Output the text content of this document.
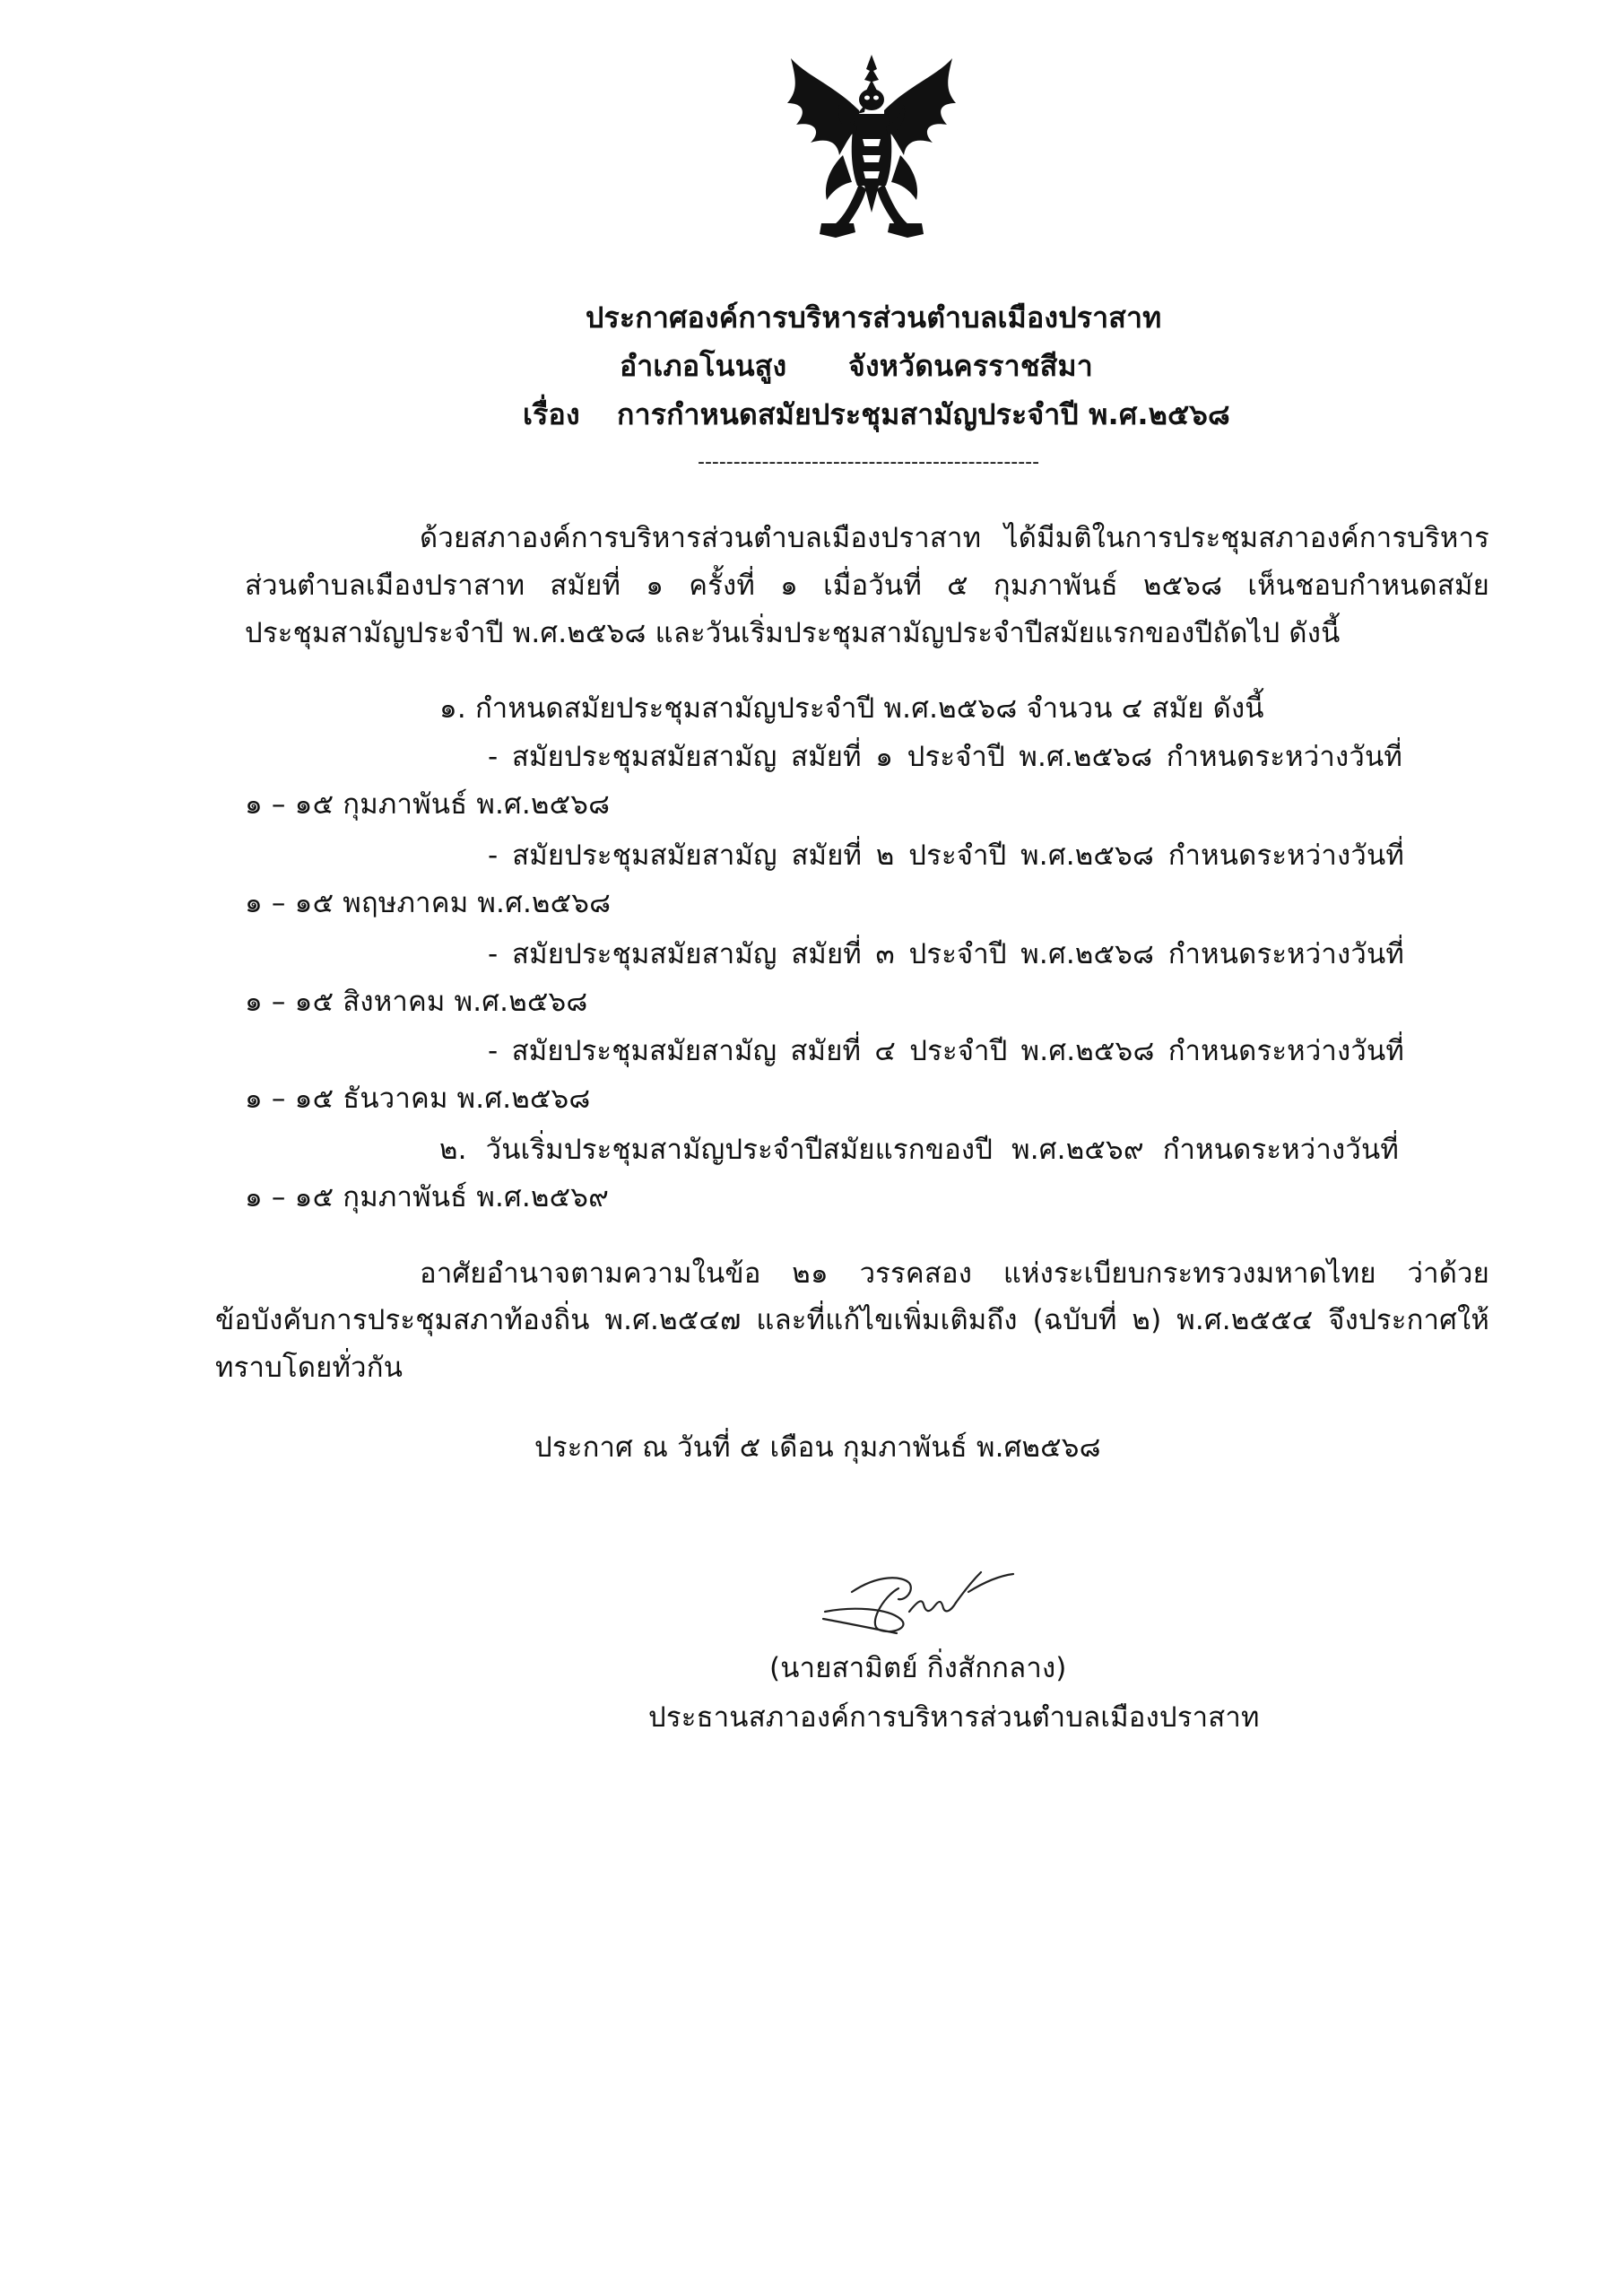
ประกาศองค์การบริหารส่วนตำบลเมืองปราสาท
อำเภอโนนสูง จังหวัดนครราชสีมา
เรื่อง การกำหนดสมัยประชุมสามัญประจำปี พ.ศ.๒๕๖๘
------------------------------------------------
ด้วยสภาองค์การบริหารส่วนตำบลเมืองปราสาท ได้มีมติในการประชุมสภาองค์การบริหาร
ส่วนตำบลเมืองปราสาท สมัยที่ ๑ ครั้งที่ ๑ เมื่อวันที่ ๕ กุมภาพันธ์ ๒๕๖๘ เห็นชอบกำหนดสมัย
ประชุมสามัญประจำปี พ.ศ.๒๕๖๘ และวันเริ่มประชุมสามัญประจำปีสมัยแรกของปีถัดไป ดังนี้
๑. กำหนดสมัยประชุมสามัญประจำปี พ.ศ.๒๕๖๘ จำนวน ๔ สมัย ดังนี้
- สมัยประชุมสมัยสามัญ สมัยที่ ๑ ประจำปี พ.ศ.๒๕๖๘ กำหนดระหว่างวันที่
๑ – ๑๕ กุมภาพันธ์ พ.ศ.๒๕๖๘
- สมัยประชุมสมัยสามัญ สมัยที่ ๒ ประจำปี พ.ศ.๒๕๖๘ กำหนดระหว่างวันที่
๑ – ๑๕ พฤษภาคม พ.ศ.๒๕๖๘
- สมัยประชุมสมัยสามัญ สมัยที่ ๓ ประจำปี พ.ศ.๒๕๖๘ กำหนดระหว่างวันที่
๑ – ๑๕ สิงหาคม พ.ศ.๒๕๖๘
- สมัยประชุมสมัยสามัญ สมัยที่ ๔ ประจำปี พ.ศ.๒๕๖๘ กำหนดระหว่างวันที่
๑ – ๑๕ ธันวาคม พ.ศ.๒๕๖๘
๒. วันเริ่มประชุมสามัญประจำปีสมัยแรกของปี พ.ศ.๒๕๖๙ กำหนดระหว่างวันที่
๑ – ๑๕ กุมภาพันธ์ พ.ศ.๒๕๖๙
อาศัยอำนาจตามความในข้อ ๒๑ วรรคสอง แห่งระเบียบกระทรวงมหาดไทย ว่าด้วย
ข้อบังคับการประชุมสภาท้องถิ่น พ.ศ.๒๕๔๗ และที่แก้ไขเพิ่มเติมถึง (ฉบับที่ ๒) พ.ศ.๒๕๕๔ จึงประกาศให้
ทราบโดยทั่วกัน
ประกาศ ณ วันที่ ๕ เดือน กุมภาพันธ์ พ.ศ๒๕๖๘
(นายสามิตย์ กิ่งสักกลาง)
ประธานสภาองค์การบริหารส่วนตำบลเมืองปราสาท
